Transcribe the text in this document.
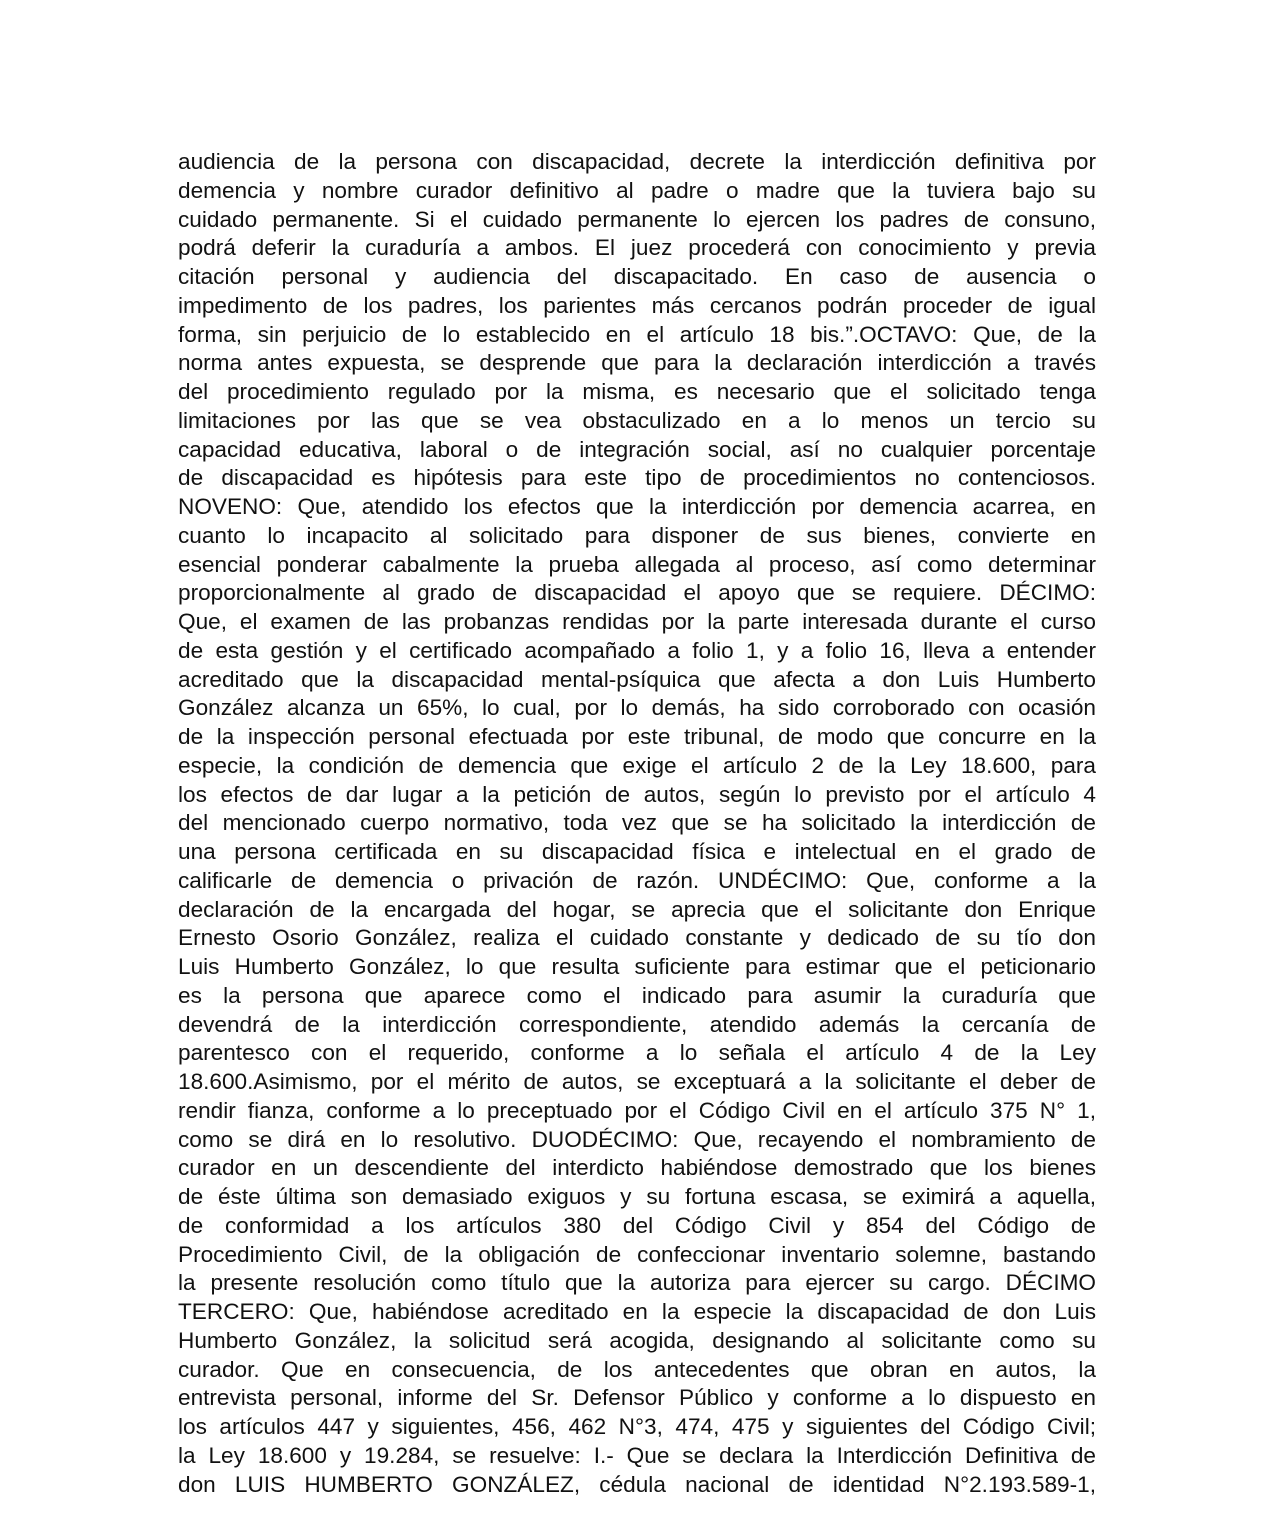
audiencia de la persona con discapacidad, decrete la interdicción definitiva por
demencia y nombre curador definitivo al padre o madre que la tuviera bajo su
cuidado permanente. Si el cuidado permanente lo ejercen los padres de consuno,
podrá deferir la curaduría a ambos. El juez procederá con conocimiento y previa
citación personal y audiencia del discapacitado. En caso de ausencia o
impedimento de los padres, los parientes más cercanos podrán proceder de igual
forma, sin perjuicio de lo establecido en el artículo 18 bis.”.OCTAVO: Que, de la
norma antes expuesta, se desprende que para la declaración interdicción a través
del procedimiento regulado por la misma, es necesario que el solicitado tenga
limitaciones por las que se vea obstaculizado en a lo menos un tercio su
capacidad educativa, laboral o de integración social, así no cualquier porcentaje
de discapacidad es hipótesis para este tipo de procedimientos no contenciosos.
NOVENO: Que, atendido los efectos que la interdicción por demencia acarrea, en
cuanto lo incapacito al solicitado para disponer de sus bienes, convierte en
esencial ponderar cabalmente la prueba allegada al proceso, así como determinar
proporcionalmente al grado de discapacidad el apoyo que se requiere. DÉCIMO:
Que, el examen de las probanzas rendidas por la parte interesada durante el curso
de esta gestión y el certificado acompañado a folio 1, y a folio 16, lleva a entender
acreditado que la discapacidad mental-psíquica que afecta a don Luis Humberto
González alcanza un 65%, lo cual, por lo demás, ha sido corroborado con ocasión
de la inspección personal efectuada por este tribunal, de modo que concurre en la
especie, la condición de demencia que exige el artículo 2 de la Ley 18.600, para
los efectos de dar lugar a la petición de autos, según lo previsto por el artículo 4
del mencionado cuerpo normativo, toda vez que se ha solicitado la interdicción de
una persona certificada en su discapacidad física e intelectual en el grado de
calificarle de demencia o privación de razón. UNDÉCIMO: Que, conforme a la
declaración de la encargada del hogar, se aprecia que el solicitante don Enrique
Ernesto Osorio González, realiza el cuidado constante y dedicado de su tío don
Luis Humberto González, lo que resulta suficiente para estimar que el peticionario
es la persona que aparece como el indicado para asumir la curaduría que
devendrá de la interdicción correspondiente, atendido además la cercanía de
parentesco con el requerido, conforme a lo señala el artículo 4 de la Ley
18.600.Asimismo, por el mérito de autos, se exceptuará a la solicitante el deber de
rendir fianza, conforme a lo preceptuado por el Código Civil en el artículo 375 N° 1,
como se dirá en lo resolutivo. DUODÉCIMO: Que, recayendo el nombramiento de
curador en un descendiente del interdicto habiéndose demostrado que los bienes
de éste última son demasiado exiguos y su fortuna escasa, se eximirá a aquella,
de conformidad a los artículos 380 del Código Civil y 854 del Código de
Procedimiento Civil, de la obligación de confeccionar inventario solemne, bastando
la presente resolución como título que la autoriza para ejercer su cargo. DÉCIMO
TERCERO: Que, habiéndose acreditado en la especie la discapacidad de don Luis
Humberto González, la solicitud será acogida, designando al solicitante como su
curador. Que en consecuencia, de los antecedentes que obran en autos, la
entrevista personal, informe del Sr. Defensor Público y conforme a lo dispuesto en
los artículos 447 y siguientes, 456, 462 N°3, 474, 475 y siguientes del Código Civil;
la Ley 18.600 y 19.284, se resuelve: I.- Que se declara la Interdicción Definitiva de
don LUIS HUMBERTO GONZÁLEZ, cédula nacional de identidad N°2.193.589-1,
